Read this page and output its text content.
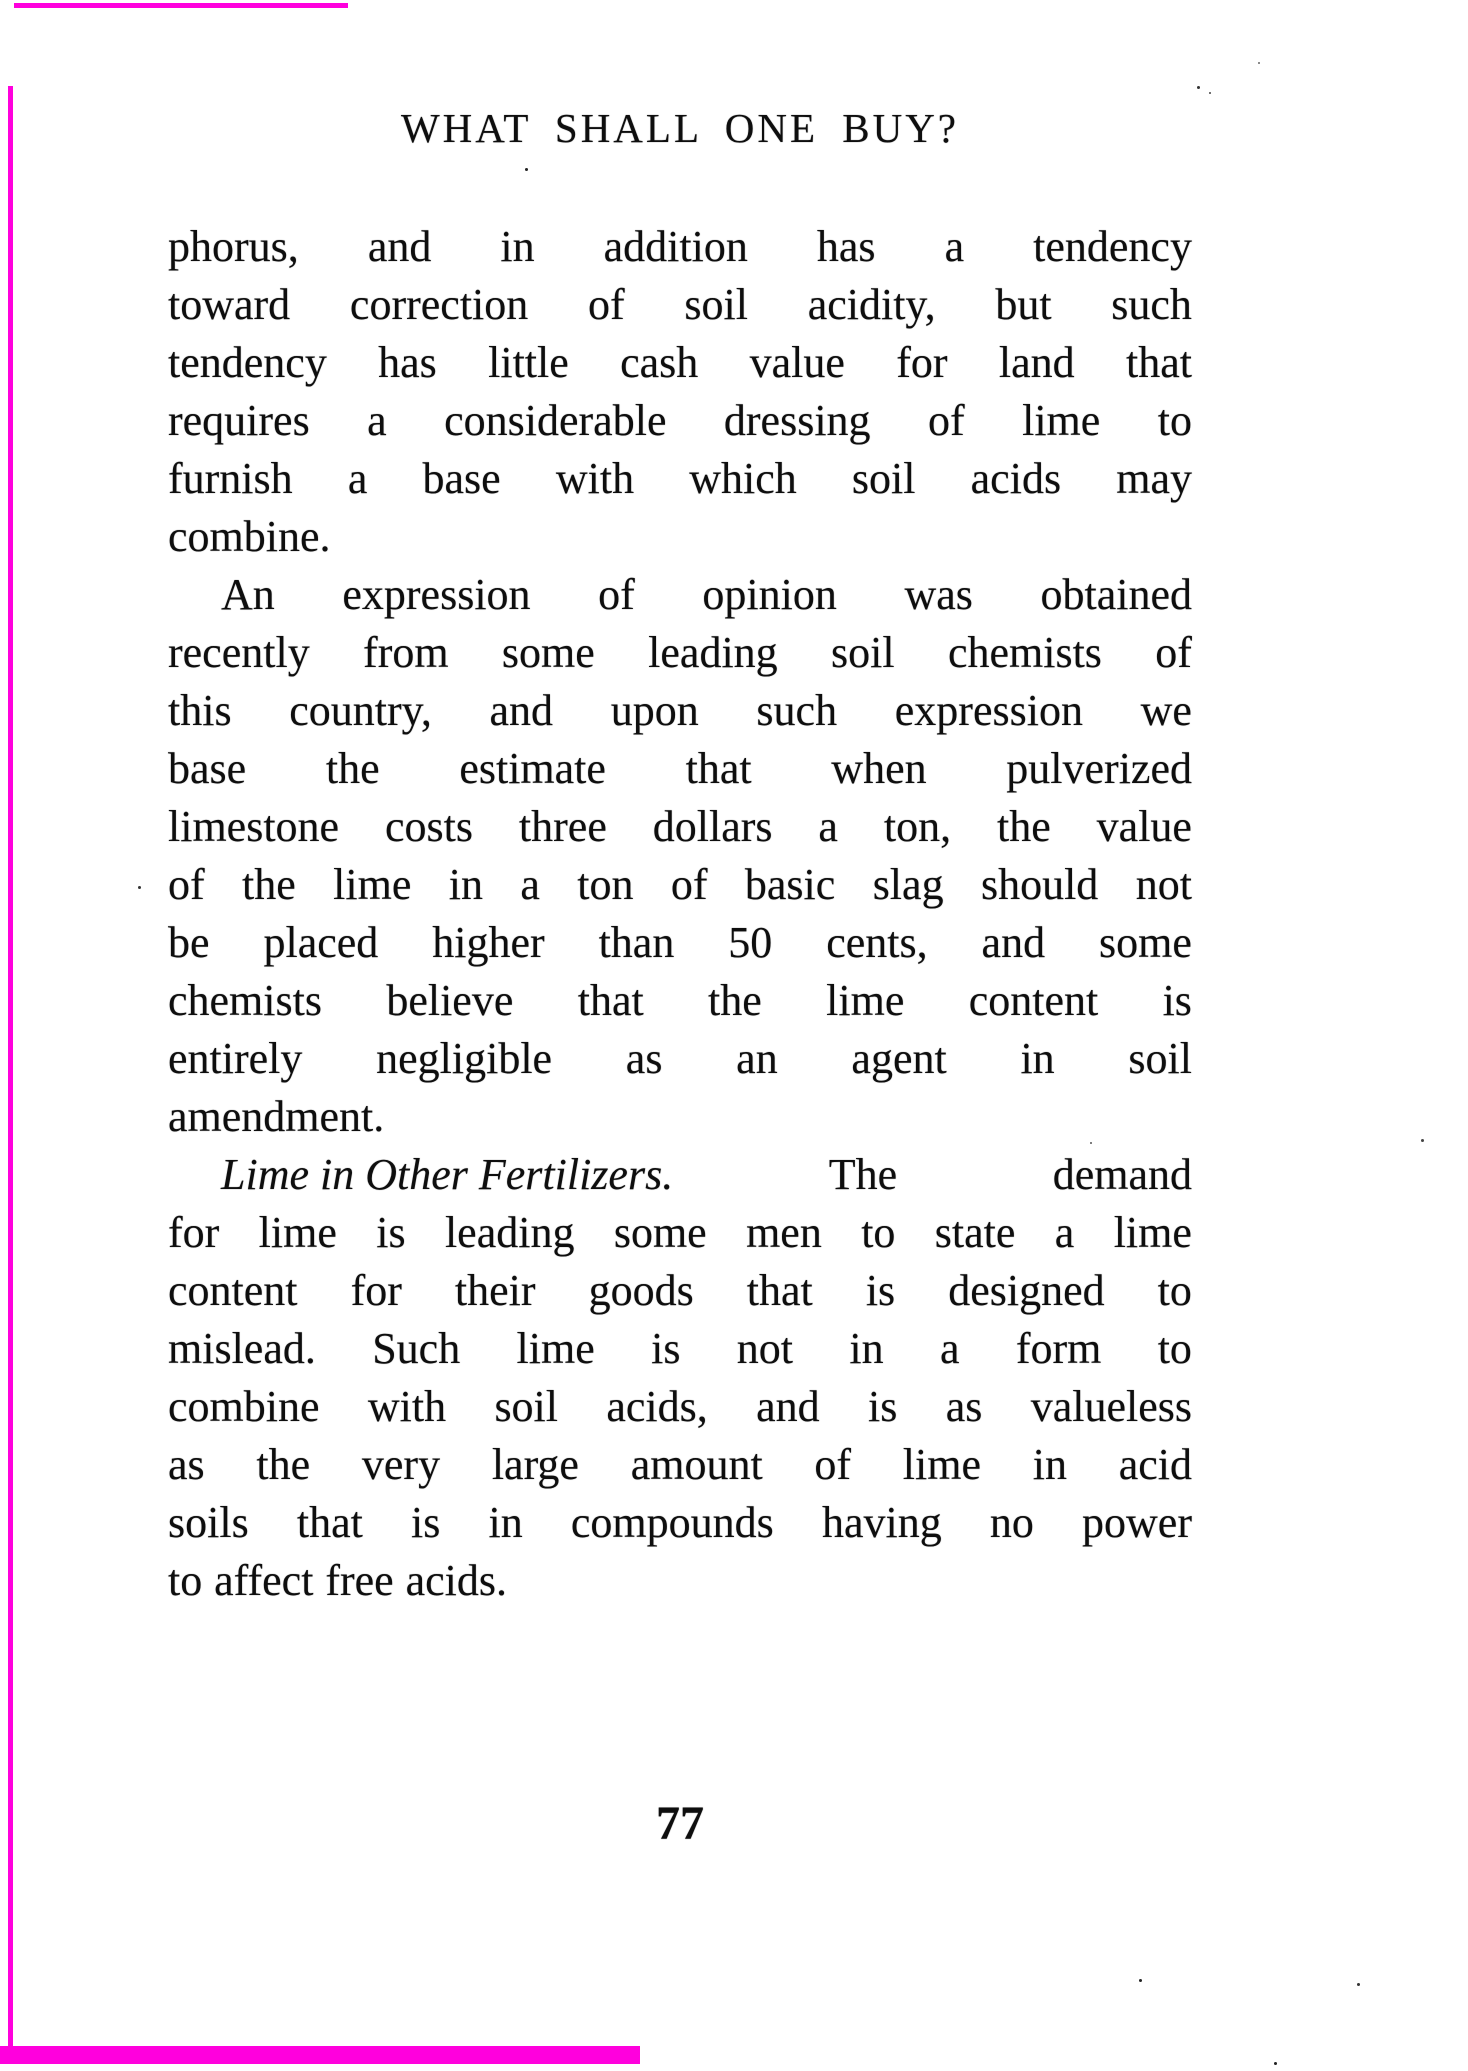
WHAT SHALL ONE BUY?
phorus, and in addition has a tendency
toward correction of soil acidity, but such
tendency has little cash value for land that
requires a considerable dressing of lime to
furnish a base with which soil acids may
combine.
An expression of opinion was obtained
recently from some leading soil chemists of
this country, and upon such expression we
base the estimate that when pulverized
limestone costs three dollars a ton, the value
of the lime in a ton of basic slag should not
be placed higher than 50 cents, and some
chemists believe that the lime content is
entirely negligible as an agent in soil
amendment.
Lime in Other Fertilizers.	The	demand
for lime is leading some men to state a lime
content for their goods that is designed to
mislead. Such lime is not in a form to
combine with soil acids, and is as valueless
as the very large amount of lime in acid
soils that is in compounds having no power
to affect free acids.
77
